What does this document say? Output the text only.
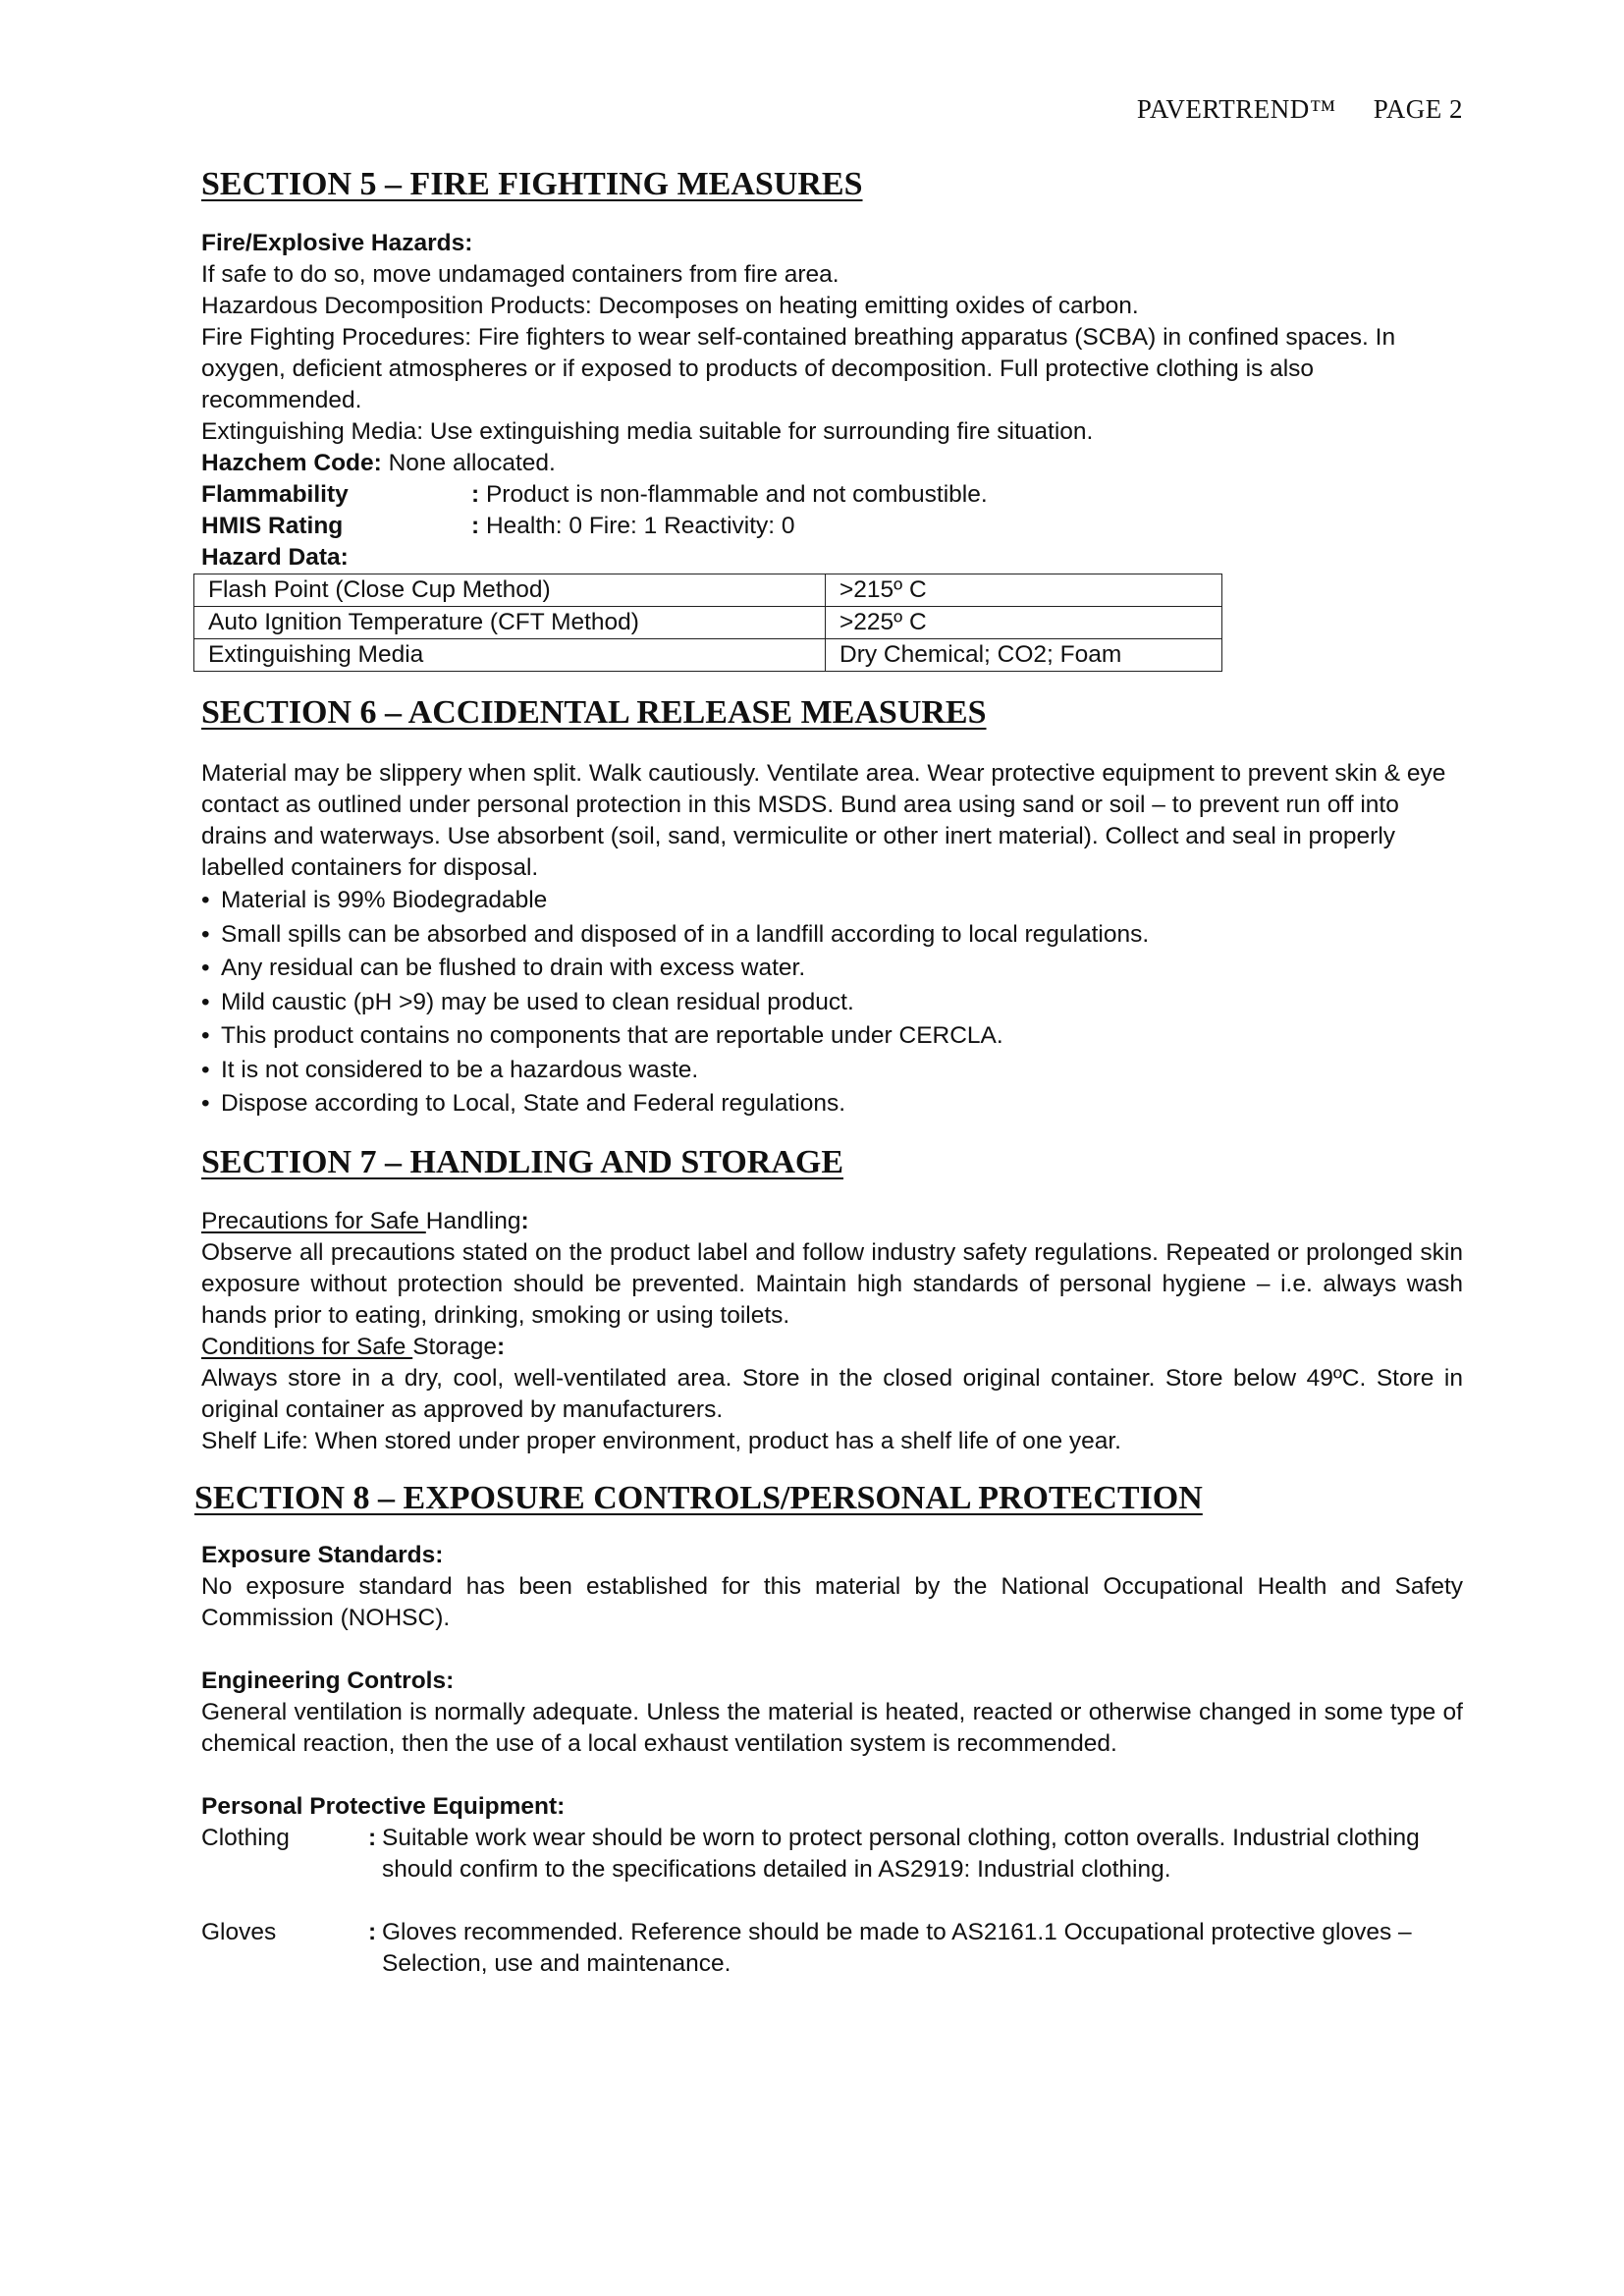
PAVERTREND™ PAGE 2
SECTION 5 – FIRE FIGHTING MEASURES

Fire/Explosive Hazards:

If safe to do so, move undamaged containers from fire area.

Hazardous Decomposition Products: Decomposes on heating emitting oxides of carbon.

Fire Fighting Procedures: Fire fighters to wear self-contained breathing apparatus (SCBA) in confined spaces. In oxygen, deficient atmospheres or if exposed to products of decomposition. Full protective clothing is also recommended.

Extinguishing Media: Use extinguishing media suitable for surrounding fire situation.

Hazchem Code: None allocated.

Flammability	: Product is non-flammable and not combustible.
HMIS Rating	: Health: 0 Fire: 1 Reactivity: 0

Hazard Data:

Flash Point (Close Cup Method)	>215º C
Auto Ignition Temperature (CFT Method)	>225º C
Extinguishing Media	Dry Chemical; CO2; Foam
SECTION 6 – ACCIDENTAL RELEASE MEASURES

Material may be slippery when split. Walk cautiously. Ventilate area. Wear protective equipment to prevent skin & eye contact as outlined under personal protection in this MSDS. Bund area using sand or soil – to prevent run off into drains and waterways. Use absorbent (soil, sand, vermiculite or other inert material). Collect and seal in properly labelled containers for disposal.

• Material is 99% Biodegradable
• Small spills can be absorbed and disposed of in a landfill according to local regulations.
• Any residual can be flushed to drain with excess water.
• Mild caustic (pH >9) may be used to clean residual product.
• This product contains no components that are reportable under CERCLA.
• It is not considered to be a hazardous waste.
• Dispose according to Local, State and Federal regulations.
SECTION 7 – HANDLING AND STORAGE

Precautions for Safe Handling:

Observe all precautions stated on the product label and follow industry safety regulations. Repeated or prolonged skin exposure without protection should be prevented. Maintain high standards of personal hygiene – i.e. always wash hands prior to eating, drinking, smoking or using toilets.

Conditions for Safe Storage:

Always store in a dry, cool, well-ventilated area. Store in the closed original container. Store below 49ºC. Store in original container as approved by manufacturers.

Shelf Life: When stored under proper environment, product has a shelf life of one year.

SECTION 8 – EXPOSURE CONTROLS/PERSONAL PROTECTION

Exposure Standards:

No exposure standard has been established for this material by the National Occupational Health and Safety Commission (NOHSC).

Engineering Controls:

General ventilation is normally adequate. Unless the material is heated, reacted or otherwise changed in some type of chemical reaction, then the use of a local exhaust ventilation system is recommended.

Personal Protective Equipment:

Clothing	: Suitable work wear should be worn to protect personal clothing, cotton overalls. Industrial clothing should confirm to the specifications detailed in AS2919: Industrial clothing.
Gloves	: Gloves recommended. Reference should be made to AS2161.1 Occupational protective gloves – Selection, use and maintenance.
